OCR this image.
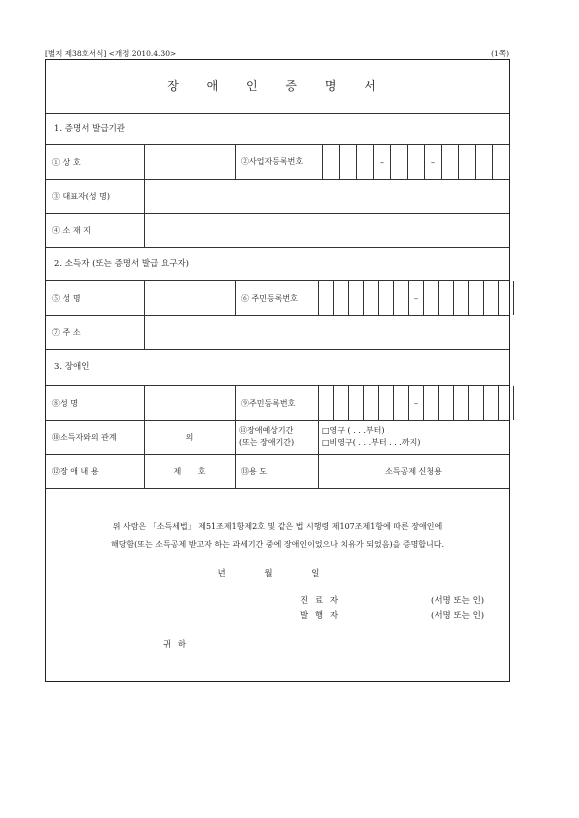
[별지 제38호서식] <개정 2010.4.30>	(1쪽)
장 애 인 증 명 서
1. 증명서 발급기관
① 상 호	②사업자등록번호	–	–
③ 대표자(성 명)
④ 소 재 지
2. 소득자 (또는 증명서 발급 요구자)
⑤ 성 명	⑥ 주민등록번호	–
⑦ 주 소
3. 장애인
⑧성 명	⑨주민등록번호	–
⑩소득자와의 관계	의
⑪장애예상기간
(또는 장애기간)
□영구 ( . . .부터)
□비영구( . . .부터 . . .까지)
⑫장 애 내 용	제 호	⑬용 도	소득공제 신청용
위 사람은 「소득세법」 제51조제1항제2호 및 같은 법 시행령 제107조제1항에 따른 장애인에
해당함(또는 소득공제 받고자 하는 과세기간 중에 장애인이었으나 치유가 되었음)을 증명합니다.
년 월 일
진 료 자	(서명 또는 인)
발 행 자	(서명 또는 인)
귀 하
